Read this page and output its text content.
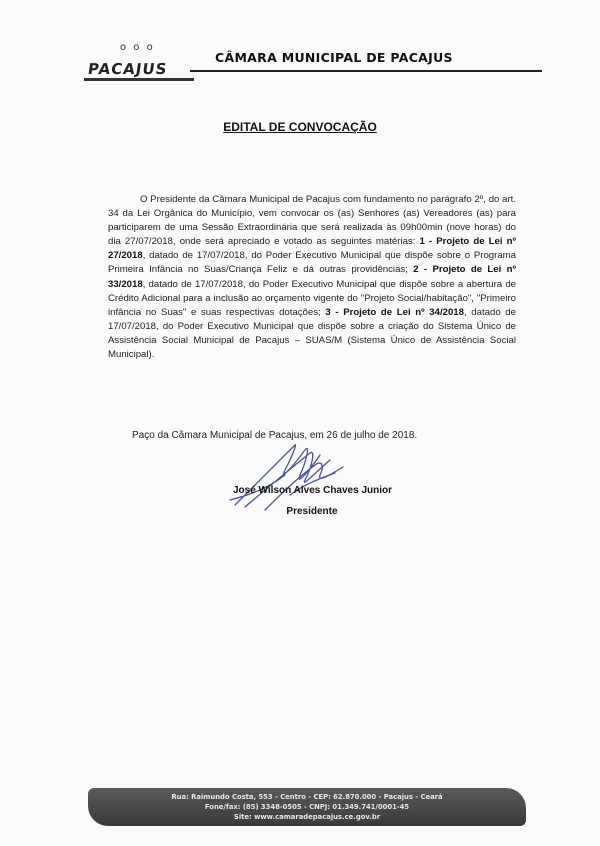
o o o
PACAJUS
CÂMARA MUNICIPAL DE PACAJUS
EDITAL DE CONVOCAÇÃO

O Presidente da Câmara Municipal de Pacajus com fundamento no parágrafo 2º, do art. 34 da Lei Orgânica do Município, vem convocar os (as) Senhores (as) Vereadores (as) para participarem de uma Sessão Extraordinária que será realizada às 09h00min (nove horas) do dia 27/07/2018, onde será apreciado e votado as seguintes matérias: 1 - Projeto de Lei nº 27/2018, datado de 17/07/2018, do Poder Executivo Municipal que dispõe sobre o Programa Primeira Infância no Suas/Criança Feliz e dá outras providências; 2 - Projeto de Lei nº 33/2018, datado de 17/07/2018, do Poder Executivo Municipal que dispõe sobre a abertura de Crédito Adicional para a inclusão ao orçamento vigente do "Projeto Social/habitação", "Primeiro infância no Suas" e suas respectivas dotações; 3 - Projeto de Lei nº 34/2018, datado de 17/07/2018, do Poder Executivo Municipal que dispõe sobre a criação do Sistema Único de Assistência Social Municipal de Pacajus – SUAS/M (Sistema Único de Assistência Social Municipal).

Paço da Câmara Municipal de Pacajus, em 26 de julho de 2018.
José Wilson Alves Chaves Junior
Presidente
Rua: Raimundo Costa, 553 - Centro - CEP: 62.870.000 - Pacajus - Ceará
Fone/fax: (85) 3348-0505 - CNPJ: 01.349.741/0001-45
Site: www.camaradepacajus.ce.gov.br
